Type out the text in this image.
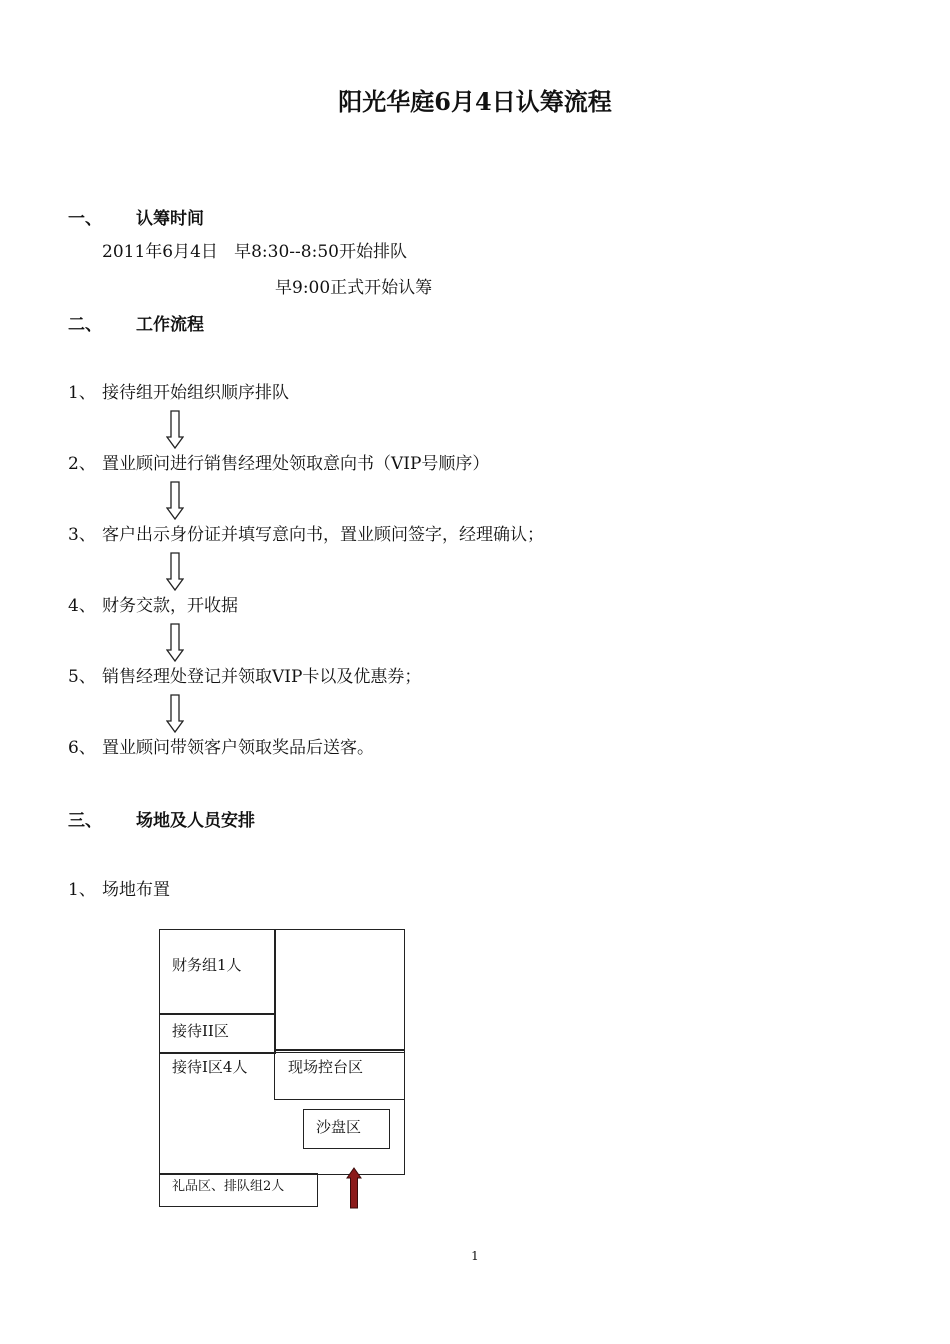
阳光华庭6月4日认筹流程
一、 认筹时间
2011年6月4日   早8:30--8:50开始排队
早9:00正式开始认筹
二、 工作流程
1、 接待组开始组织顺序排队
2、 置业顾问进行销售经理处领取意向书（VIP号顺序）
3、 客户出示身份证并填写意向书，置业顾问签字，经理确认；
4、 财务交款，开收据
5、 销售经理处登记并领取VIP卡以及优惠券；
6、 置业顾问带领客户领取奖品后送客。
三、 场地及人员安排
1、 场地布置
财务组1人
接待II区
接待I区4人	现场控台区
沙盘区
礼品区、排队组2人
1
